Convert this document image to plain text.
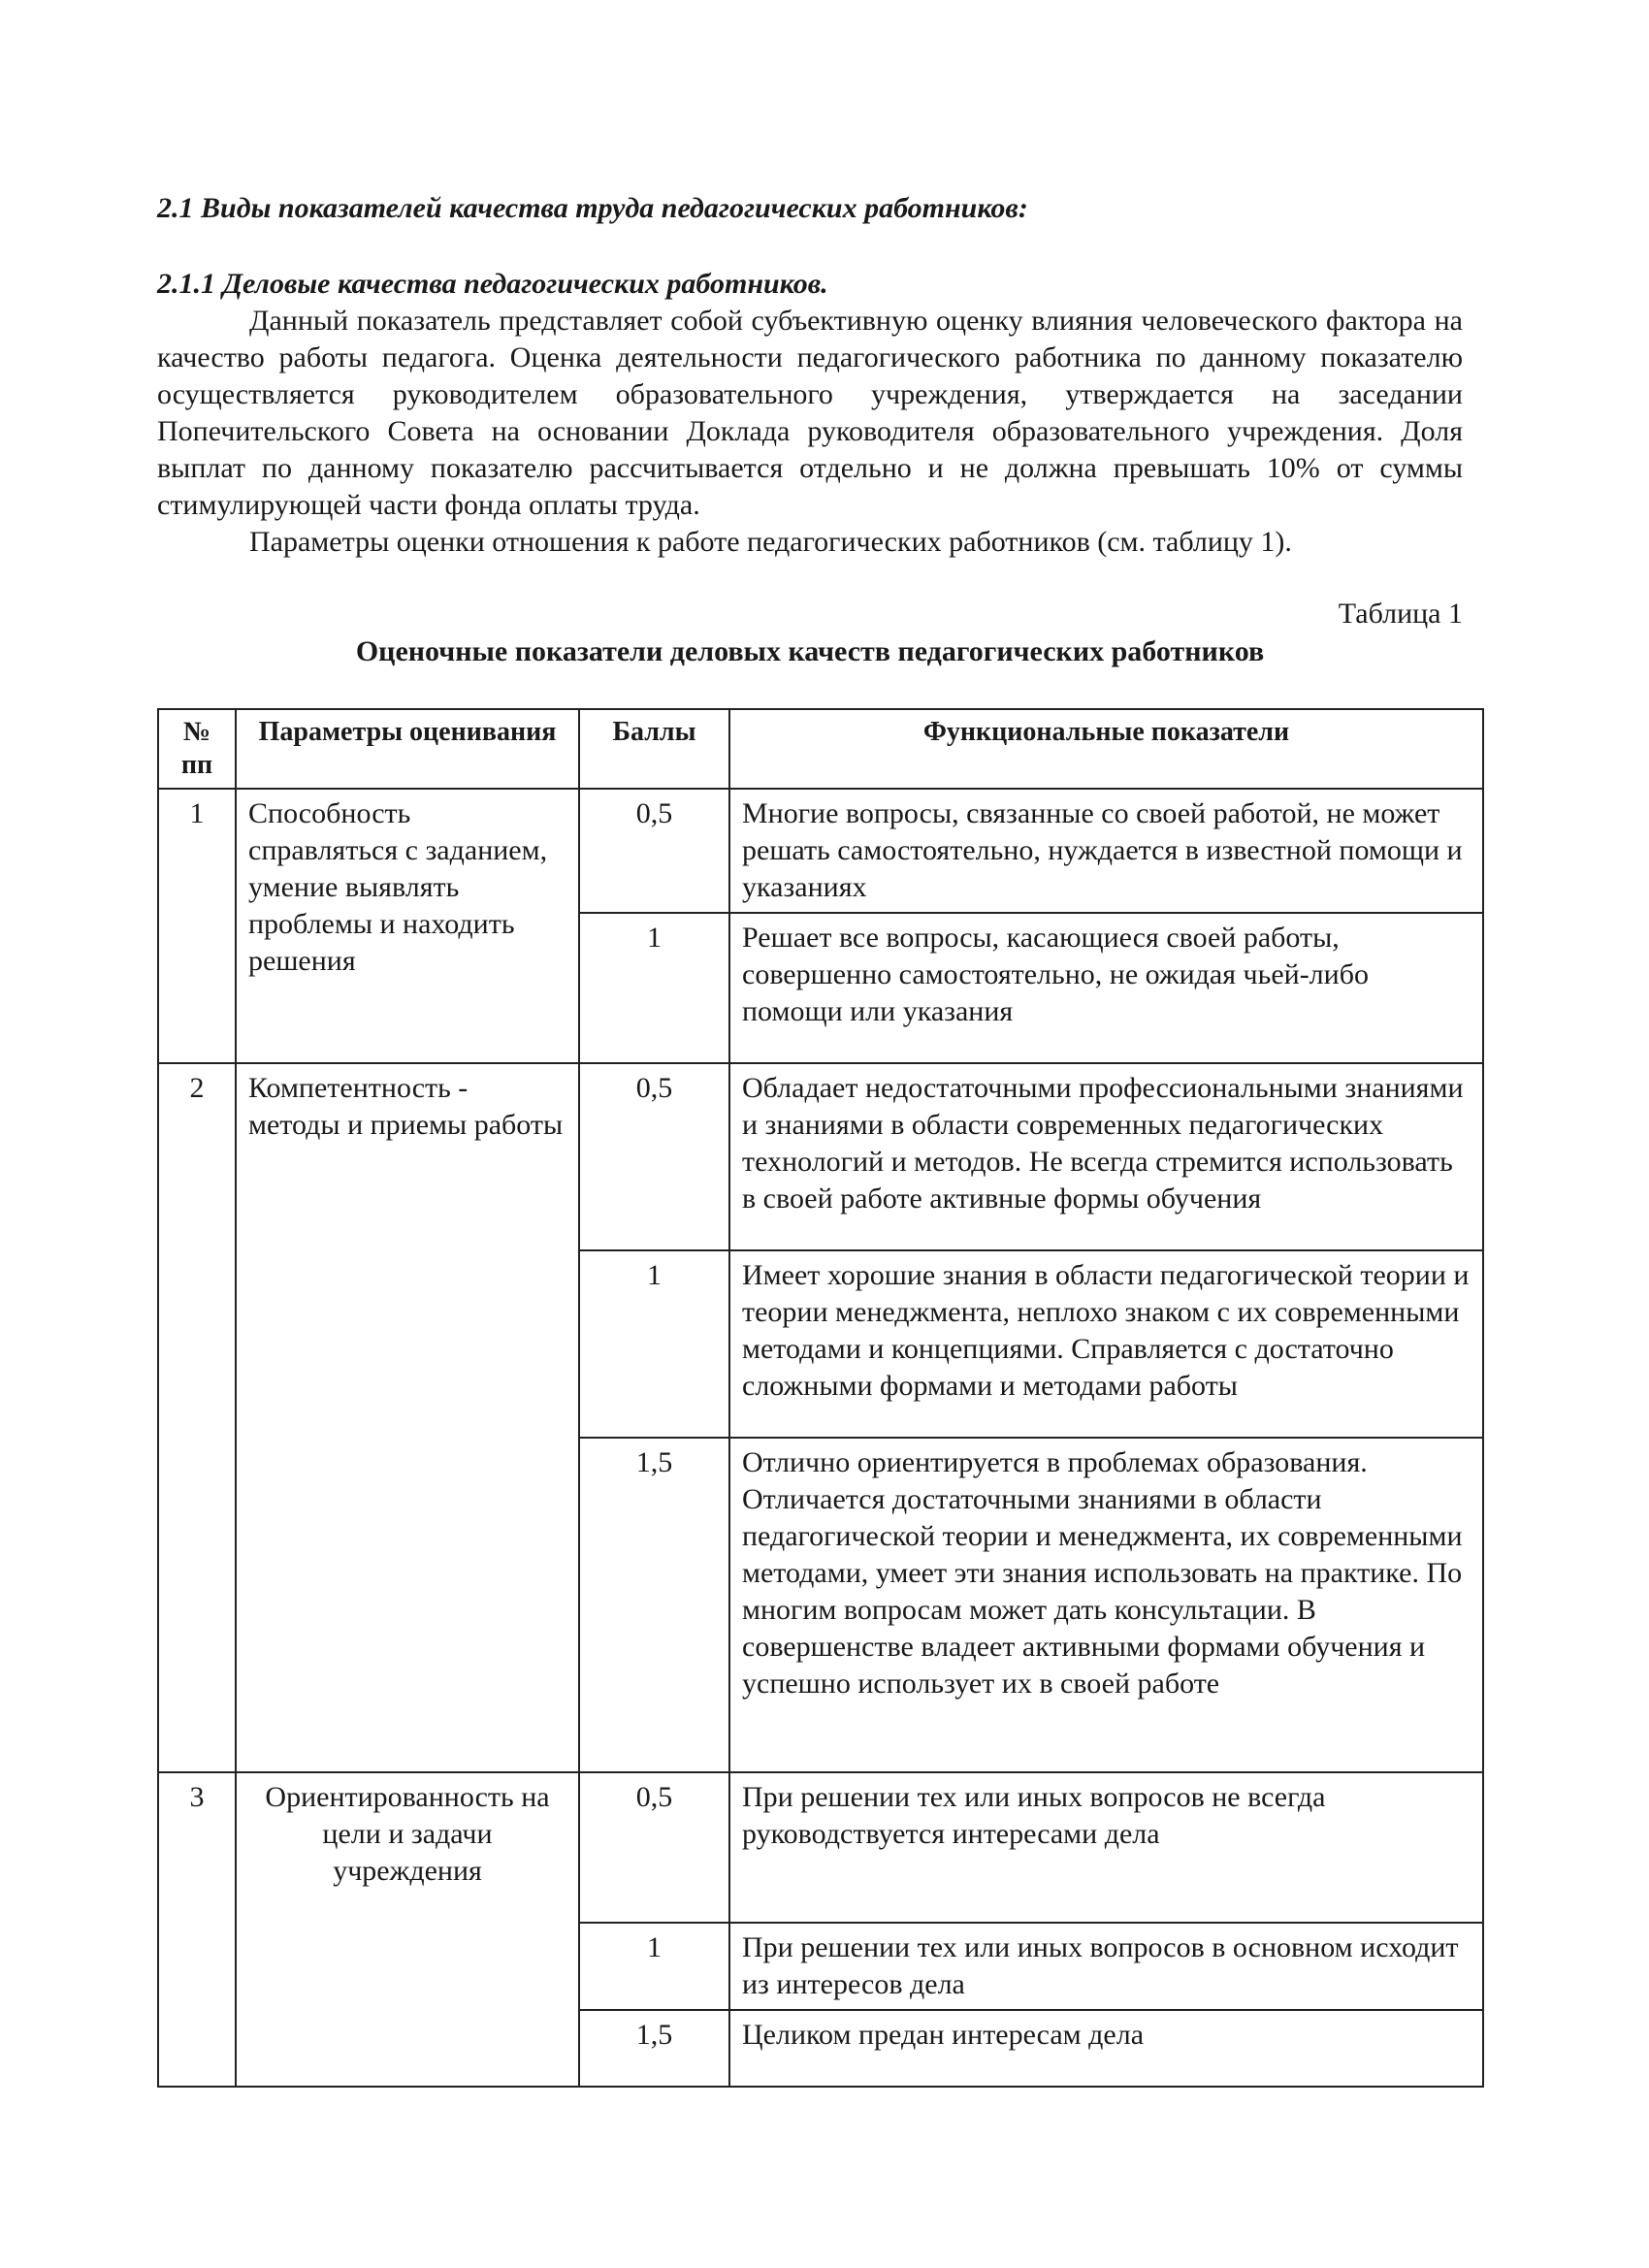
2.1 Виды показателей качества труда педагогических работников:
2.1.1 Деловые качества педагогических работников.

Данный показатель представляет собой субъективную оценку влияния человеческого фактора на качество работы педагога. Оценка деятельности педагогического работника по данному показателю осуществляется руководителем образовательного учреждения, утверждается на заседании Попечительского Совета на основании Доклада руководителя образовательного учреждения. Доля выплат по данному показателю рассчитывается отдельно и не должна превышать 10% от суммы стимулирующей части фонда оплаты труда.

Параметры оценки отношения к работе педагогических работников (см. таблицу 1).

Таблица 1
Оценочные показатели деловых качеств педагогических работников
№ пп	Параметры оценивания	Баллы	Функциональные показатели
1	Способность справляться с заданием, умение выявлять проблемы и находить решения	0,5	Многие вопросы, связанные со своей работой, не может решать самостоятельно, нуждается в известной помощи и указаниях
		1	Решает все вопросы, касающиеся своей работы, совершенно самостоятельно, не ожидая чьей-либо помощи или указания
2	Компетентность - методы и приемы работы	0,5	Обладает недостаточными профессиональными знаниями и знаниями в области современных педагогических технологий и методов. Не всегда стремится использовать в своей работе активные формы обучения
		1	Имеет хорошие знания в области педагогической теории и теории менеджмента, неплохо знаком с их современными методами и концепциями. Справляется с достаточно сложными формами и методами работы
		1,5	Отлично ориентируется в проблемах образования. Отличается достаточными знаниями в области педагогической теории и менеджмента, их современными методами, умеет эти знания использовать на практике. По многим вопросам может дать консультации. В совершенстве владеет активными формами обучения и успешно использует их в своей работе
3	Ориентированность на цели и задачи учреждения	0,5	При решении тех или иных вопросов не всегда руководствуется интересами дела
		1	При решении тех или иных вопросов в основном исходит из интересов дела
		1,5	Целиком предан интересам дела
